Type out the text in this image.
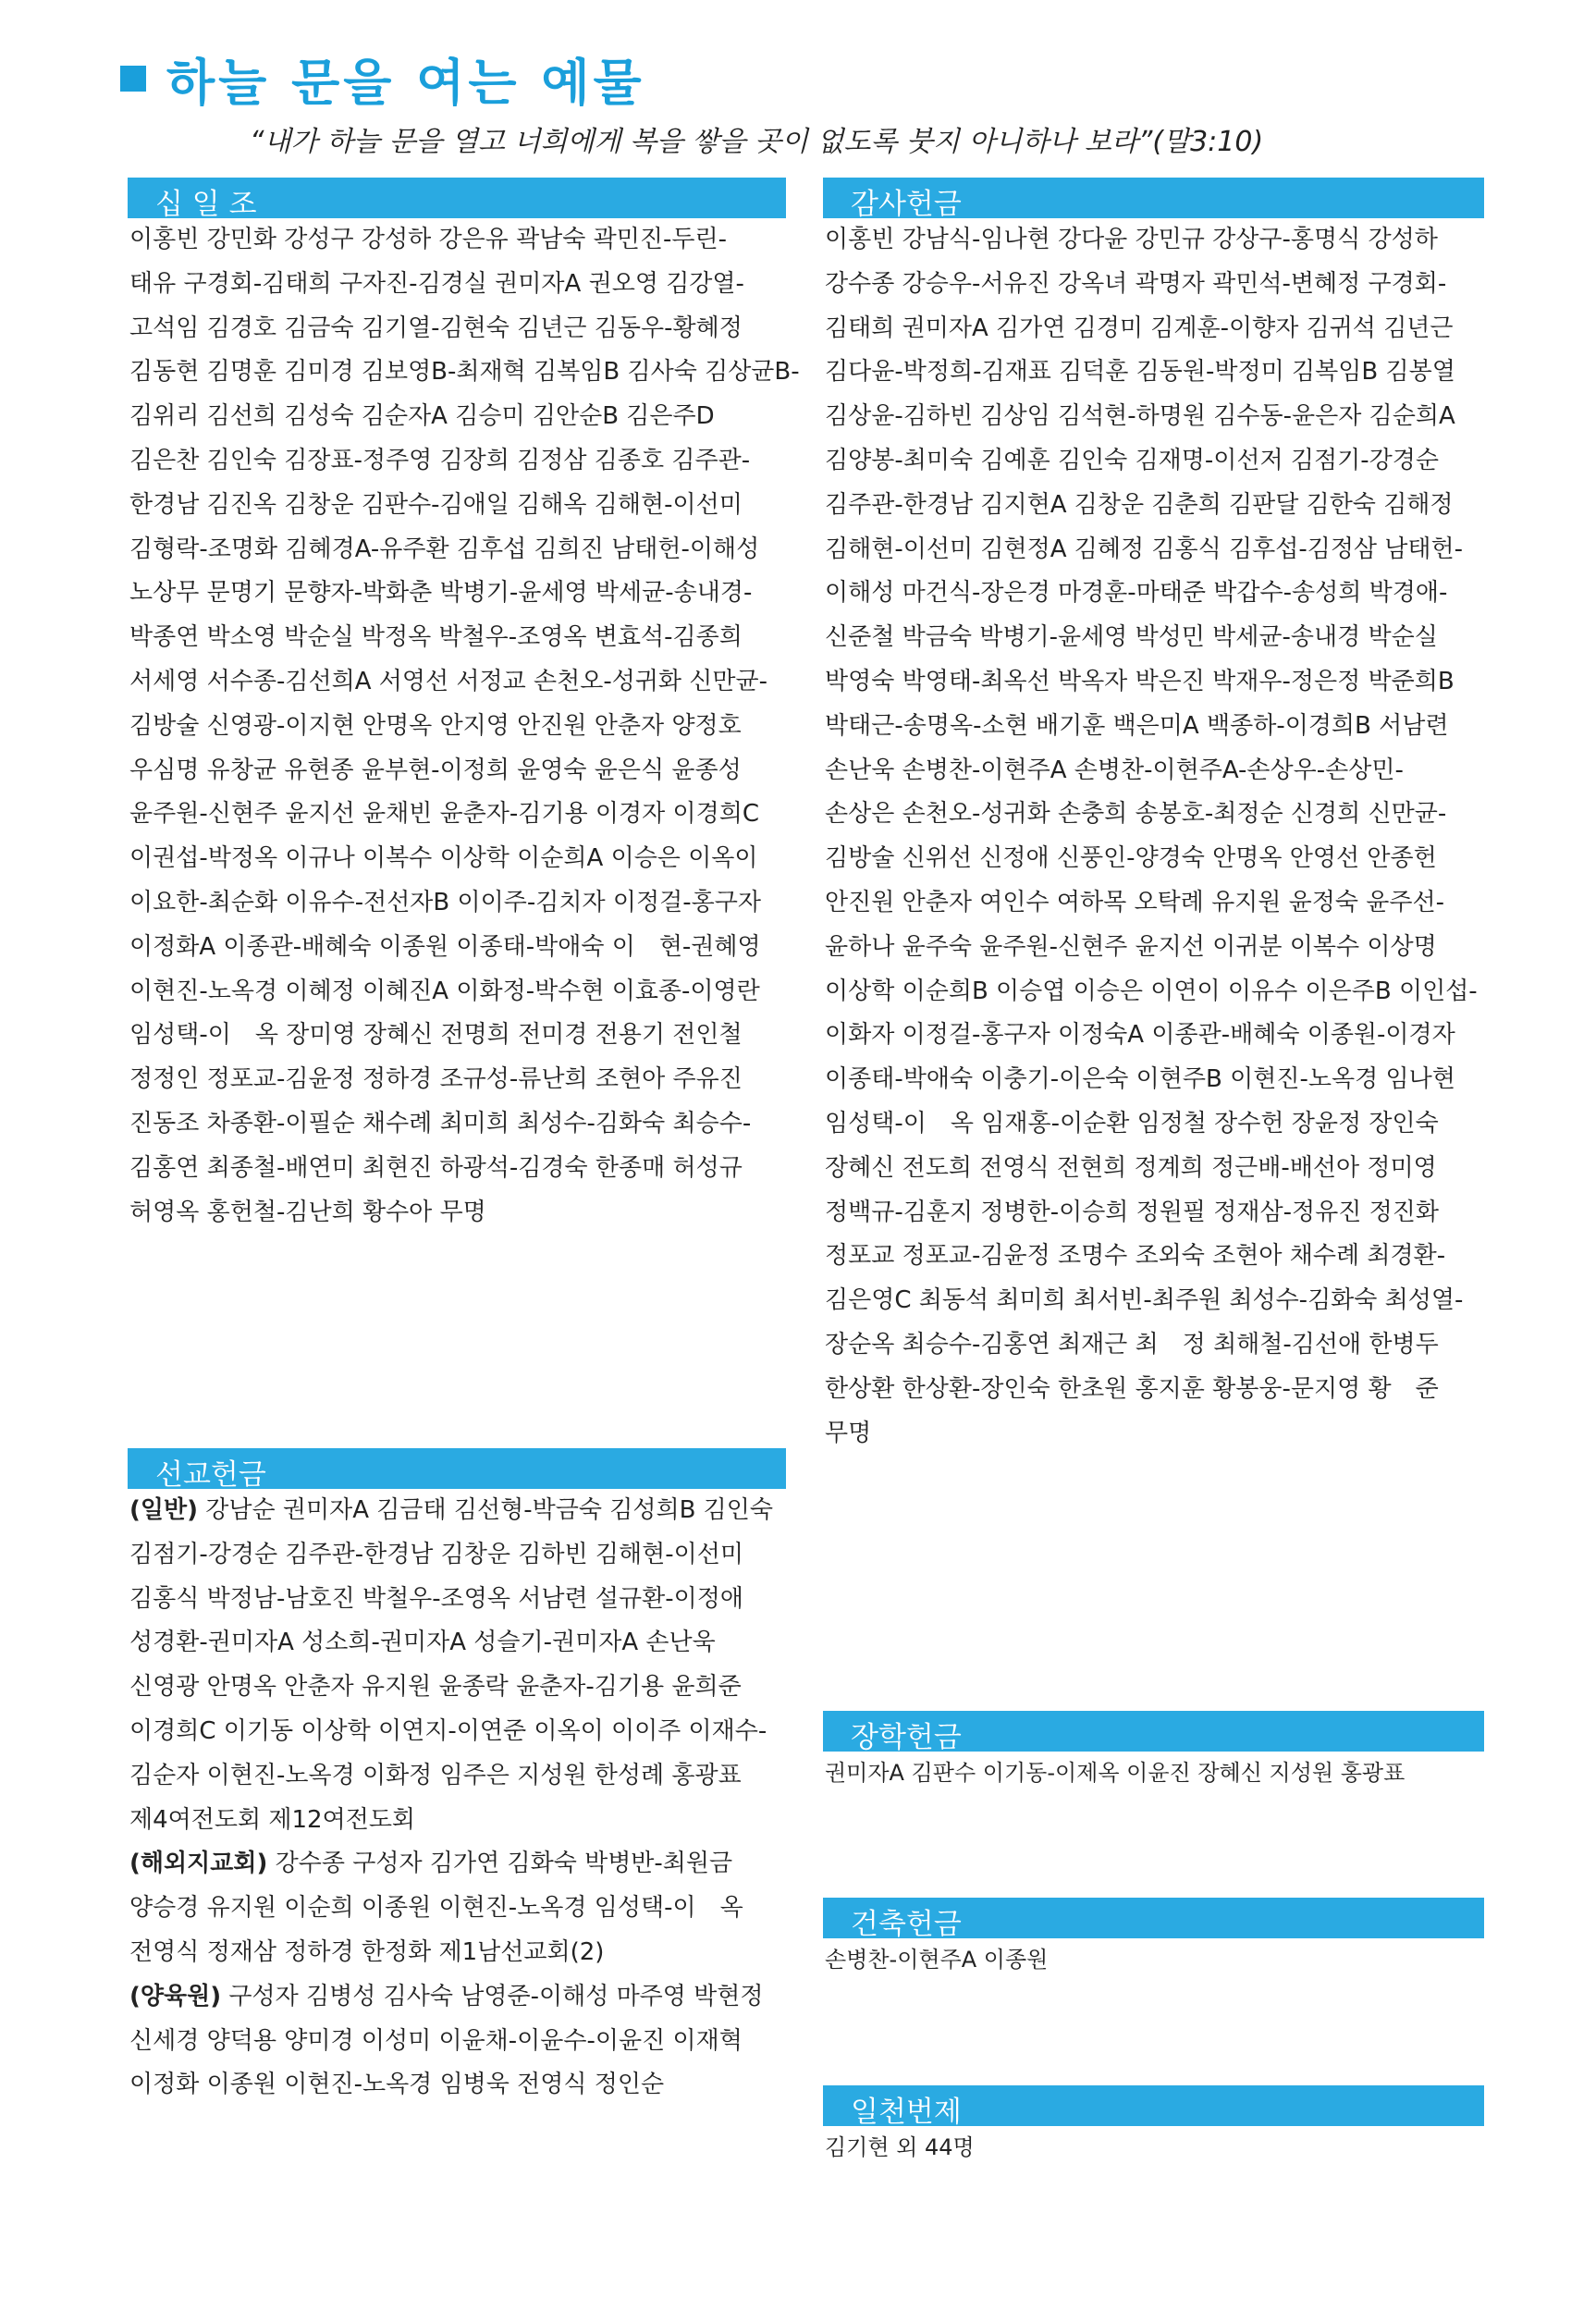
하늘 문을 여는 예물
“내가 하늘 문을 열고 너희에게 복을 쌓을 곳이 없도록 붓지 아니하나 보라”(말3:10)
십 일 조
이홍빈 강민화 강성구 강성하 강은유 곽남숙 곽민진-두린-
태유 구경회-김태희 구자진-김경실 권미자A 권오영 김강열-
고석임 김경호 김금숙 김기열-김현숙 김년근 김동우-황혜정
김동현 김명훈 김미경 김보영B-최재혁 김복임B 김사숙 김상균B-
김위리 김선희 김성숙 김순자A 김승미 김안순B 김은주D
김은찬 김인숙 김장표-정주영 김장희 김정삼 김종호 김주관-
한경남 김진옥 김창운 김판수-김애일 김해옥 김해현-이선미
김형락-조명화 김혜경A-유주환 김후섭 김희진 남태헌-이해성
노상무 문명기 문향자-박화춘 박병기-윤세영 박세균-송내경-
박종연 박소영 박순실 박정옥 박철우-조영옥 변효석-김종희
서세영 서수종-김선희A 서영선 서정교 손천오-성귀화 신만균-
김방술 신영광-이지현 안명옥 안지영 안진원 안춘자 양정호
우심명 유창균 유현종 윤부현-이정희 윤영숙 윤은식 윤종성
윤주원-신현주 윤지선 윤채빈 윤춘자-김기용 이경자 이경희C
이권섭-박정옥 이규나 이복수 이상학 이순희A 이승은 이옥이
이요한-최순화 이유수-전선자B 이이주-김치자 이정걸-홍구자
이정화A 이종관-배혜숙 이종원 이종태-박애숙 이　현-권혜영
이현진-노옥경 이혜정 이혜진A 이화정-박수현 이효종-이영란
임성택-이　옥 장미영 장혜신 전명희 전미경 전용기 전인철
정정인 정포교-김윤정 정하경 조규성-류난희 조현아 주유진
진동조 차종환-이필순 채수례 최미희 최성수-김화숙 최승수-
김홍연 최종철-배연미 최현진 하광석-김경숙 한종매 허성규
허영옥 홍헌철-김난희 황수아 무명
선교헌금
(일반) 강남순 권미자A 김금태 김선형-박금숙 김성희B 김인숙
김점기-강경순 김주관-한경남 김창운 김하빈 김해현-이선미
김홍식 박정남-남호진 박철우-조영옥 서남련 설규환-이정애
성경환-권미자A 성소희-권미자A 성슬기-권미자A 손난욱
신영광 안명옥 안춘자 유지원 윤종락 윤춘자-김기용 윤희준
이경희C 이기동 이상학 이연지-이연준 이옥이 이이주 이재수-
김순자 이현진-노옥경 이화정 임주은 지성원 한성례 홍광표
제4여전도회 제12여전도회
(해외지교회) 강수종 구성자 김가연 김화숙 박병반-최원금
양승경 유지원 이순희 이종원 이현진-노옥경 임성택-이　옥
전영식 정재삼 정하경 한정화 제1남선교회(2)
(양육원) 구성자 김병성 김사숙 남영준-이해성 마주영 박현정
신세경 양덕용 양미경 이성미 이윤채-이윤수-이윤진 이재혁
이정화 이종원 이현진-노옥경 임병욱 전영식 정인순
감사헌금
이홍빈 강남식-임나현 강다윤 강민규 강상구-홍명식 강성하
강수종 강승우-서유진 강옥녀 곽명자 곽민석-변혜정 구경회-
김태희 권미자A 김가연 김경미 김계훈-이향자 김귀석 김년근
김다윤-박정희-김재표 김덕훈 김동원-박정미 김복임B 김봉열
김상윤-김하빈 김상임 김석현-하명원 김수동-윤은자 김순희A
김양봉-최미숙 김예훈 김인숙 김재명-이선저 김점기-강경순
김주관-한경남 김지현A 김창운 김춘희 김판달 김한숙 김해정
김해현-이선미 김현정A 김혜정 김홍식 김후섭-김정삼 남태헌-
이해성 마건식-장은경 마경훈-마태준 박갑수-송성희 박경애-
신준철 박금숙 박병기-윤세영 박성민 박세균-송내경 박순실
박영숙 박영태-최옥선 박옥자 박은진 박재우-정은정 박준희B
박태근-송명옥-소현 배기훈 백은미A 백종하-이경희B 서남련
손난욱 손병찬-이현주A 손병찬-이현주A-손상우-손상민-
손상은 손천오-성귀화 손충희 송봉호-최정순 신경희 신만균-
김방술 신위선 신정애 신풍인-양경숙 안명옥 안영선 안종헌
안진원 안춘자 여인수 여하목 오탁례 유지원 윤정숙 윤주선-
윤하나 윤주숙 윤주원-신현주 윤지선 이귀분 이복수 이상명
이상학 이순희B 이승엽 이승은 이연이 이유수 이은주B 이인섭-
이화자 이정걸-홍구자 이정숙A 이종관-배혜숙 이종원-이경자
이종태-박애숙 이충기-이은숙 이현주B 이현진-노옥경 임나현
임성택-이　옥 임재홍-이순환 임정철 장수헌 장윤정 장인숙
장혜신 전도희 전영식 전현희 정계희 정근배-배선아 정미영
정백규-김훈지 정병한-이승희 정원필 정재삼-정유진 정진화
정포교 정포교-김윤정 조명수 조외숙 조현아 채수례 최경환-
김은영C 최동석 최미희 최서빈-최주원 최성수-김화숙 최성열-
장순옥 최승수-김홍연 최재근 최　정 최해철-김선애 한병두
한상환 한상환-장인숙 한초원 홍지훈 황봉웅-문지영 황　준
무명
장학헌금
권미자A 김판수 이기동-이제옥 이윤진 장혜신 지성원 홍광표
건축헌금
손병찬-이현주A 이종원
일천번제
김기현 외 44명
